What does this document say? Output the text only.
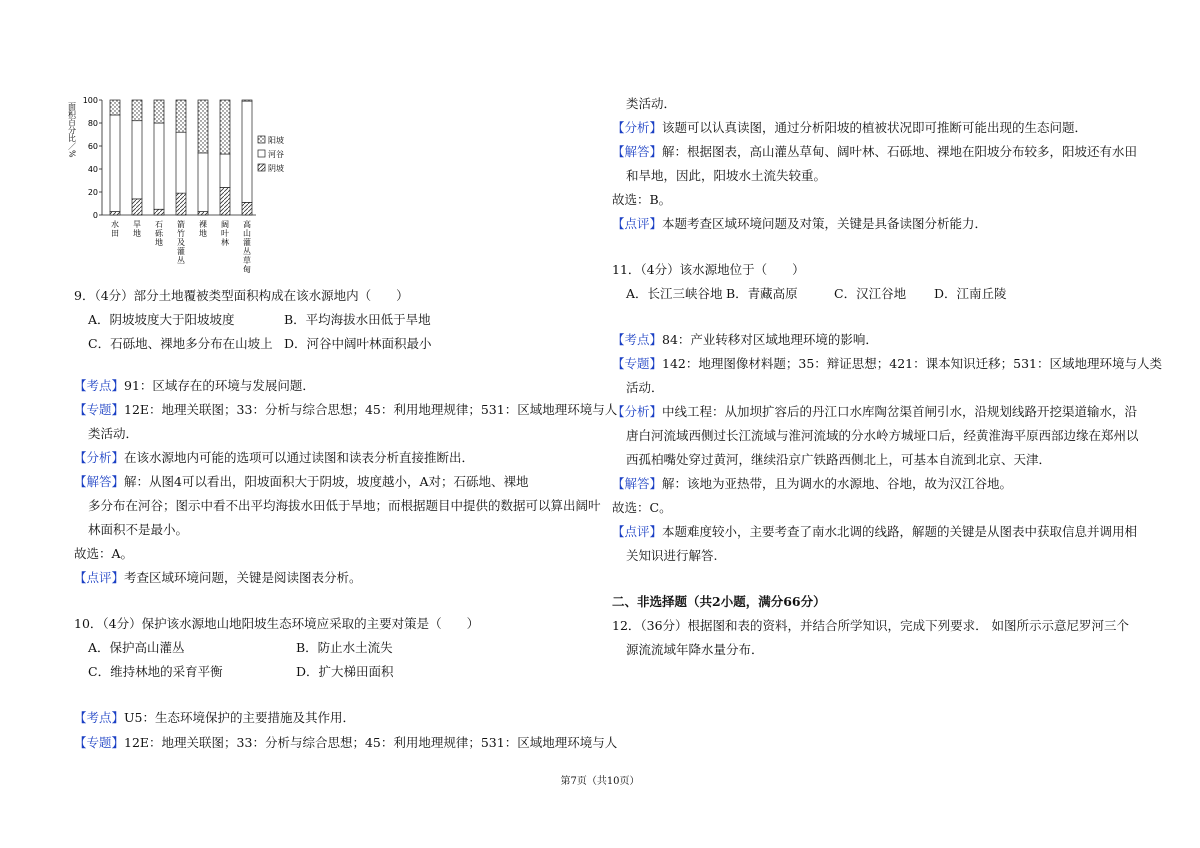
面积百分比／%
100
80
60
40
20
0
水
田
旱
地
石
砾
地
箭
竹
及
灌
丛
裸
地
阔
叶
林
高
山
灌
丛
草
甸
阳坡
河谷
阴坡
9．（4分）部分土地覆被类型面积构成在该水源地内（　　）
A．阴坡坡度大于阳坡坡度	B．平均海拔水田低于旱地
C．石砾地、裸地多分布在山坡上 D．河谷中阔叶林面积最小
【考点】91：区域存在的环境与发展问题．
【专题】12E：地理关联图；33：分析与综合思想；45：利用地理规律；531：区域地理环境与人
类活动．
【分析】在该水源地内可能的选项可以通过读图和读表分析直接推断出．
【解答】解：从图4可以看出，阳坡面积大于阴坡，坡度越小，A对；石砾地、裸地
多分布在河谷；图示中看不出平均海拔水田低于旱地；而根据题目中提供的数据可以算出阔叶
林面积不是最小。
故选：A。
【点评】考查区域环境问题，关键是阅读图表分析。
10．（4分）保护该水源地山地阳坡生态环境应采取的主要对策是（　　）
A．保护高山灌丛	B．防止水土流失
C．维持林地的采育平衡	D．扩大梯田面积
【考点】U5：生态环境保护的主要措施及其作用．
【专题】12E：地理关联图；33：分析与综合思想；45：利用地理规律；531：区域地理环境与人
类活动．
【分析】该题可以认真读图，通过分析阳坡的植被状况即可推断可能出现的生态问题．
【解答】解：根据图表，高山灌丛草甸、阔叶林、石砾地、裸地在阳坡分布较多，阳坡还有水田
和旱地，因此，阳坡水土流失较重。
故选：B。
【点评】本题考查区域环境问题及对策，关键是具备读图分析能力．
11．（4分）该水源地位于（　　）
A．长江三峡谷地 B．青藏高原	C．汉江谷地 D．江南丘陵
【考点】84：产业转移对区域地理环境的影响．
【专题】142：地理图像材料题；35：辩证思想；421：课本知识迁移；531：区域地理环境与人类
活动．
【分析】中线工程：从加坝扩容后的丹江口水库陶岔渠首闸引水，沿规划线路开挖渠道输水，沿
唐白河流域西侧过长江流域与淮河流域的分水岭方城垭口后，经黄淮海平原西部边缘在郑州以
西孤柏嘴处穿过黄河，继续沿京广铁路西侧北上，可基本自流到北京、天津．
【解答】解：该地为亚热带，且为调水的水源地、谷地，故为汉江谷地。
故选：C。
【点评】本题难度较小，主要考查了南水北调的线路，解题的关键是从图表中获取信息并调用相
关知识进行解答.
二、非选择题（共2小题，满分66分）
12．（36分）根据图和表的资料，并结合所学知识，完成下列要求． 如图所示示意尼罗河三个
源流流域年降水量分布．
第7页（共10页）
